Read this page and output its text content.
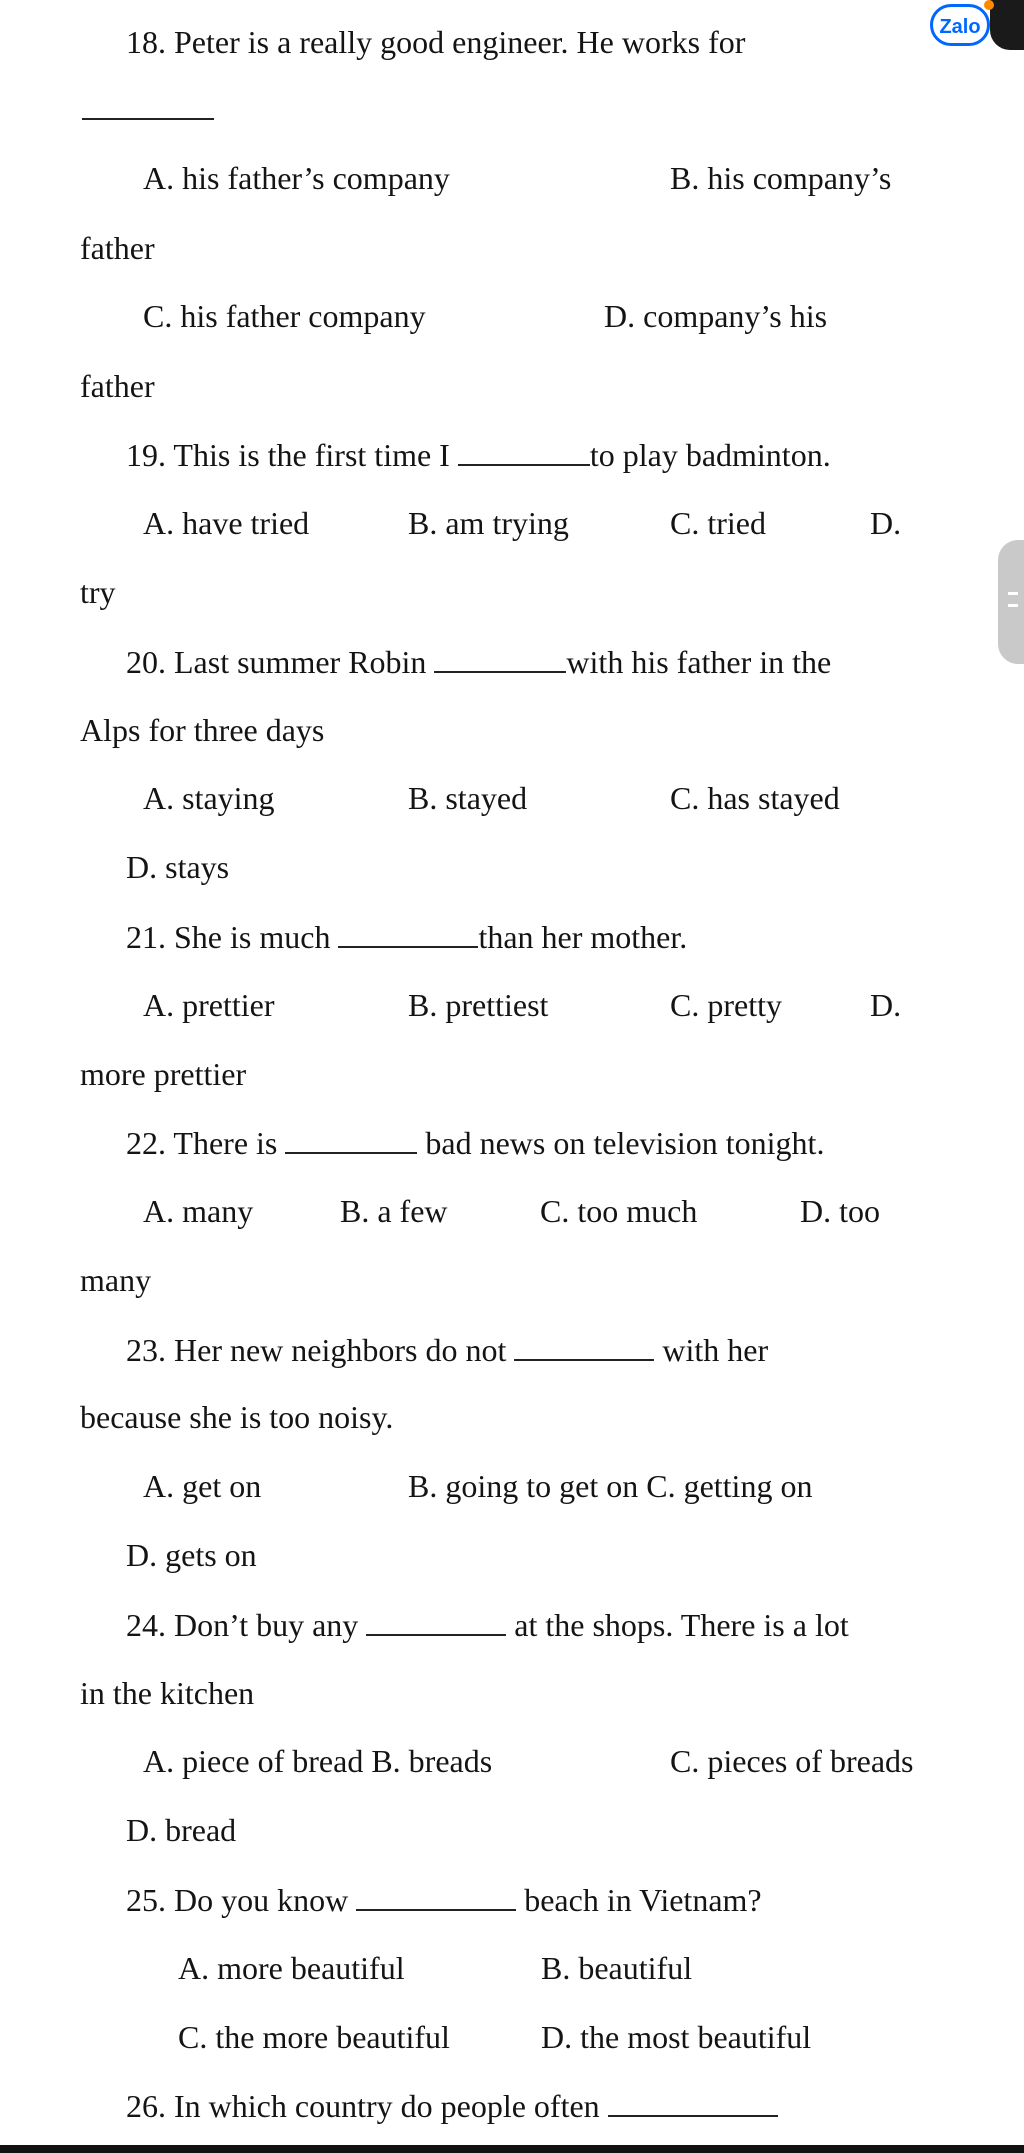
Zalo
18. Peter is a really good engineer. He works for
A. his father’s company	B. his company’s
father
C. his father company	D. company’s his
father
19. This is the first time I	to play badminton.
A. have tried	B. am trying	C. tried	D.
try
20. Last summer Robin	with his father in the
Alps for three days
A. staying	B. stayed	C. has stayed
D. stays
21. She is much	than her mother.
A. prettier	B. prettiest	C. pretty	D.
more prettier
22. There is	bad news on television tonight.
A. many	B. a few	C. too much	D. too
many
23. Her new neighbors do not	with her
because she is too noisy.
A. get on	B. going to get on C. getting on
D. gets on
24. Don’t buy any	at the shops. There is a lot
in the kitchen
A. piece of bread B. breads	C. pieces of breads
D. bread
25. Do you know	beach in Vietnam?
A. more beautiful	B. beautiful
C. the more beautiful	D. the most beautiful
26. In which country do people often
